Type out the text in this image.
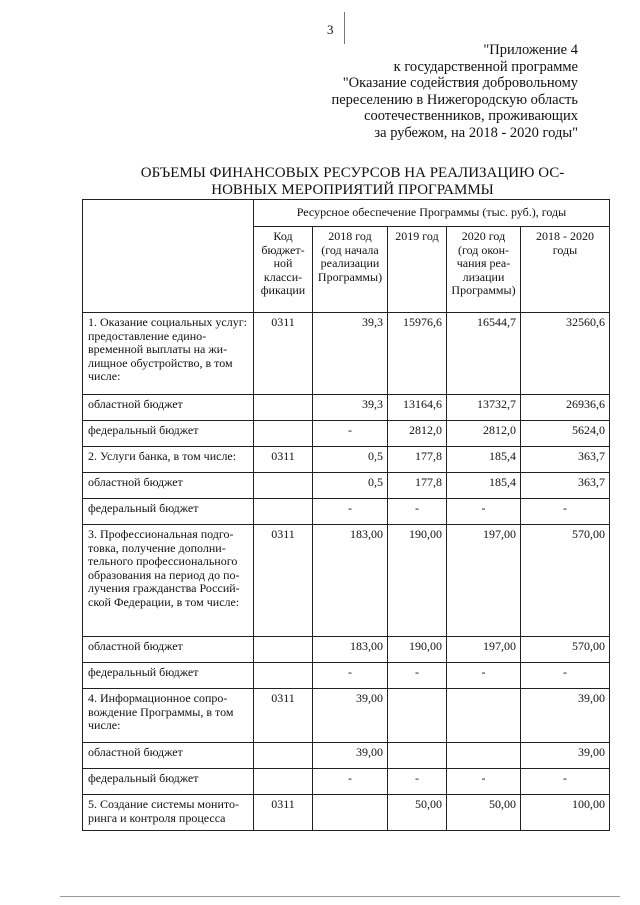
3
"Приложение 4
к государственной программе
"Оказание содействия добровольному
переселению в Нижегородскую область
соотечественников, проживающих
за рубежом, на 2018 - 2020 годы"
ОБЪЕМЫ ФИНАНСОВЫХ РЕСУРСОВ НА РЕАЛИЗАЦИЮ ОС-
НОВНЫХ МЕРОПРИЯТИЙ ПРОГРАММЫ
	Ресурсное обеспечение Программы (тыс. руб.), годы				
	Код бюджет-ной класси-фикации	2018 год (год начала реализации Программы)	2019 год	2020 год (год окон-чания реа-лизации Программы)	2018 - 2020 годы
1. Оказание социальных услуг: предоставление едино-временной выплаты на жи-лищное обустройство, в том числе:	0311	39,3	15976,6	16544,7	32560,6
областной бюджет		39,3	13164,6	13732,7	26936,6
федеральный бюджет		-	2812,0	2812,0	5624,0
2. Услуги банка, в том числе:	0311	0,5	177,8	185,4	363,7
областной бюджет		0,5	177,8	185,4	363,7
федеральный бюджет		-	-	-	-
3. Профессиональная подго-товка, получение дополни-тельного профессионального образования на период до по-лучения гражданства Россий-ской Федерации, в том числе:	0311	183,00	190,00	197,00	570,00
областной бюджет		183,00	190,00	197,00	570,00
федеральный бюджет		-	-	-	-
4. Информационное сопро-вождение Программы, в том числе:	0311	39,00			39,00
областной бюджет		39,00			39,00
федеральный бюджет		-	-	-	-
5. Создание системы монито-ринга и контроля процесса	0311		50,00	50,00	100,00
